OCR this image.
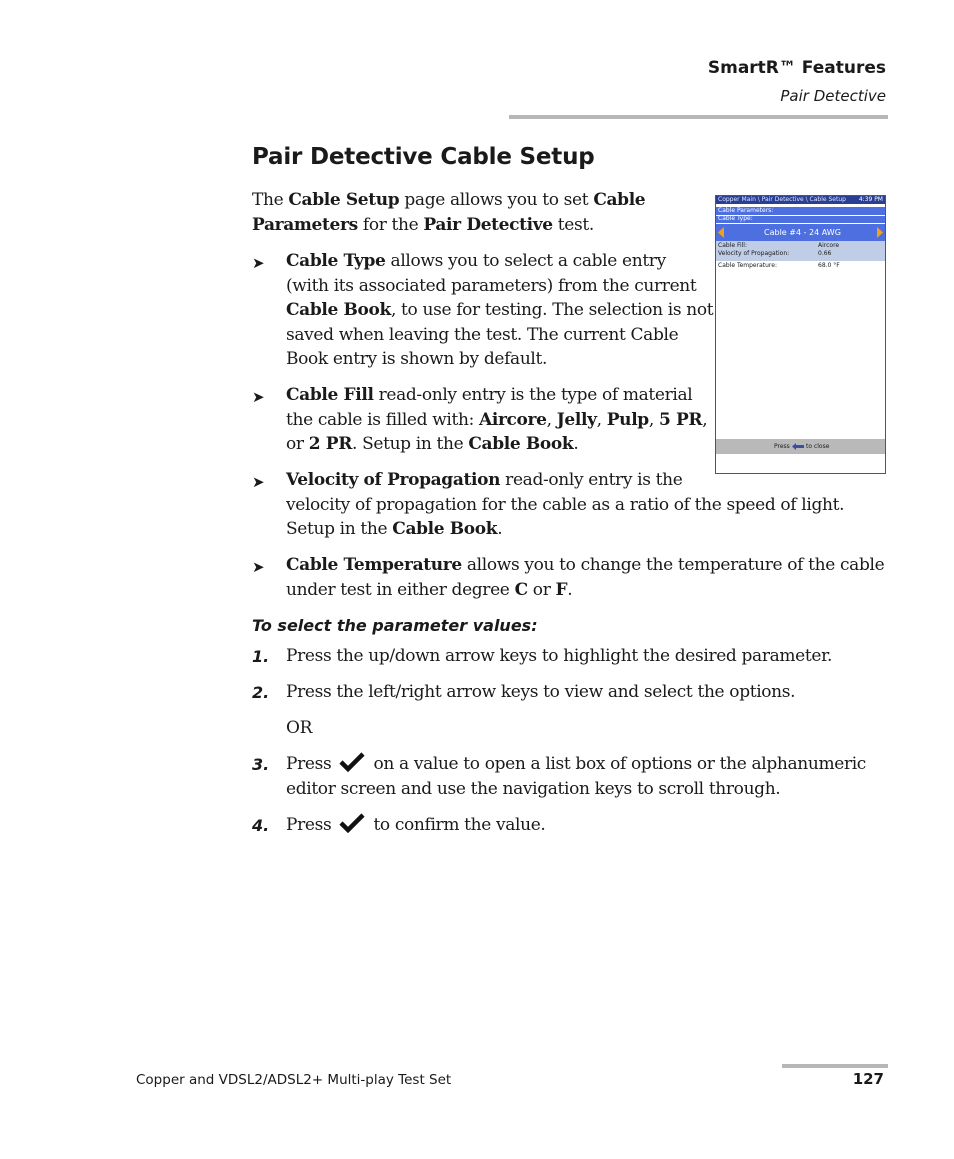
SmartR™ Features
Pair Detective
Pair Detective Cable Setup
The Cable Setup page allows you to set Cable
Parameters for the Pair Detective test.
➤ Cable Type allows you to select a cable entry
(with its associated parameters) from the current
Cable Book, to use for testing. The selection is not
saved when leaving the test. The current Cable
Book entry is shown by default.
➤ Cable Fill read-only entry is the type of material
the cable is filled with: Aircore, Jelly, Pulp, 5 PR,
or 2 PR. Setup in the Cable Book.
➤ Velocity of Propagation read-only entry is the
velocity of propagation for the cable as a ratio of the speed of light.
Setup in the Cable Book.
➤ Cable Temperature allows you to change the temperature of the cable
under test in either degree C or F.
To select the parameter values:
1. Press the up/down arrow keys to highlight the desired parameter.
2. Press the left/right arrow keys to view and select the options.
OR
3. Press  on a value to open a list box of options or the alphanumeric
editor screen and use the navigation keys to scroll through.
4. Press  to confirm the value.
Copper Main \ Pair Detective \ Cable Setup 4:39 PM
Cable Parameters:
Cable Type:
Cable #4 - 24 AWG
Cable Fill:	Aircore
Velocity of Propagation:	0.66
Cable Temperature:	68.0 °F
Press	to close
Copper and VDSL2/ADSL2+ Multi-play Test Set	127
